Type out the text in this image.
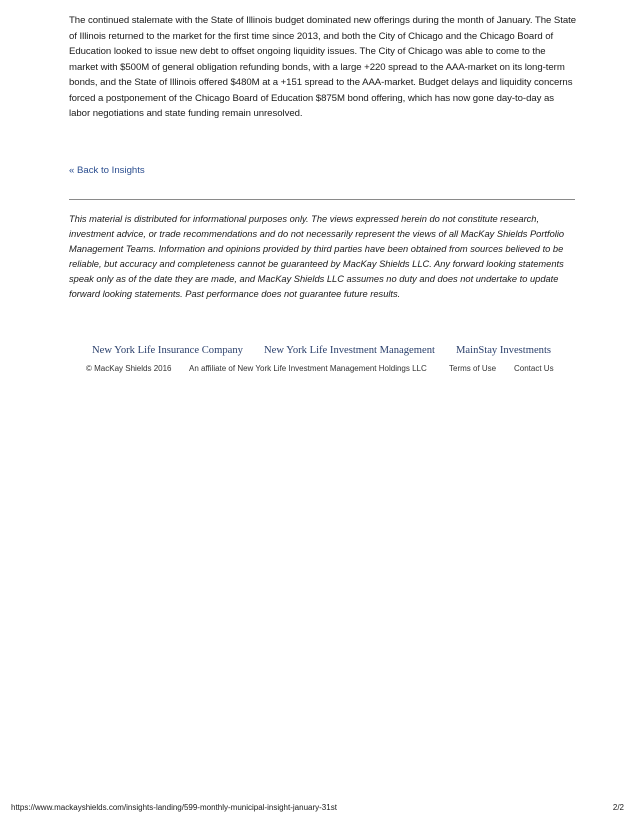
The continued stalemate with the State of Illinois budget dominated new offerings during the month of January. The State of Illinois returned to the market for the first time since 2013, and both the City of Chicago and the Chicago Board of Education looked to issue new debt to offset ongoing liquidity issues. The City of Chicago was able to come to the market with $500M of general obligation refunding bonds, with a large +220 spread to the AAA-market on its long-term bonds, and the State of Illinois offered $480M at a +151 spread to the AAA-market. Budget delays and liquidity concerns forced a postponement of the Chicago Board of Education $875M bond offering, which has now gone day-to-day as labor negotiations and state funding remain unresolved.

« Back to Insights

This material is distributed for informational purposes only. The views expressed herein do not constitute research, investment advice, or trade recommendations and do not necessarily represent the views of all MacKay Shields Portfolio Management Teams. Information and opinions provided by third parties have been obtained from sources believed to be reliable, but accuracy and completeness cannot be guaranteed by MacKay Shields LLC. Any forward looking statements speak only as of the date they are made, and MacKay Shields LLC assumes no duty and does not undertake to update forward looking statements. Past performance does not guarantee future results.

New York Life Insurance Company New York Life Investment Management MainStay Investments
© MacKay Shields 2016 An affiliate of New York Life Investment Management Holdings LLC	Terms of Use Contact Us
https://www.mackayshields.com/insights-landing/599-monthly-municipal-insight-january-31st	2/2
